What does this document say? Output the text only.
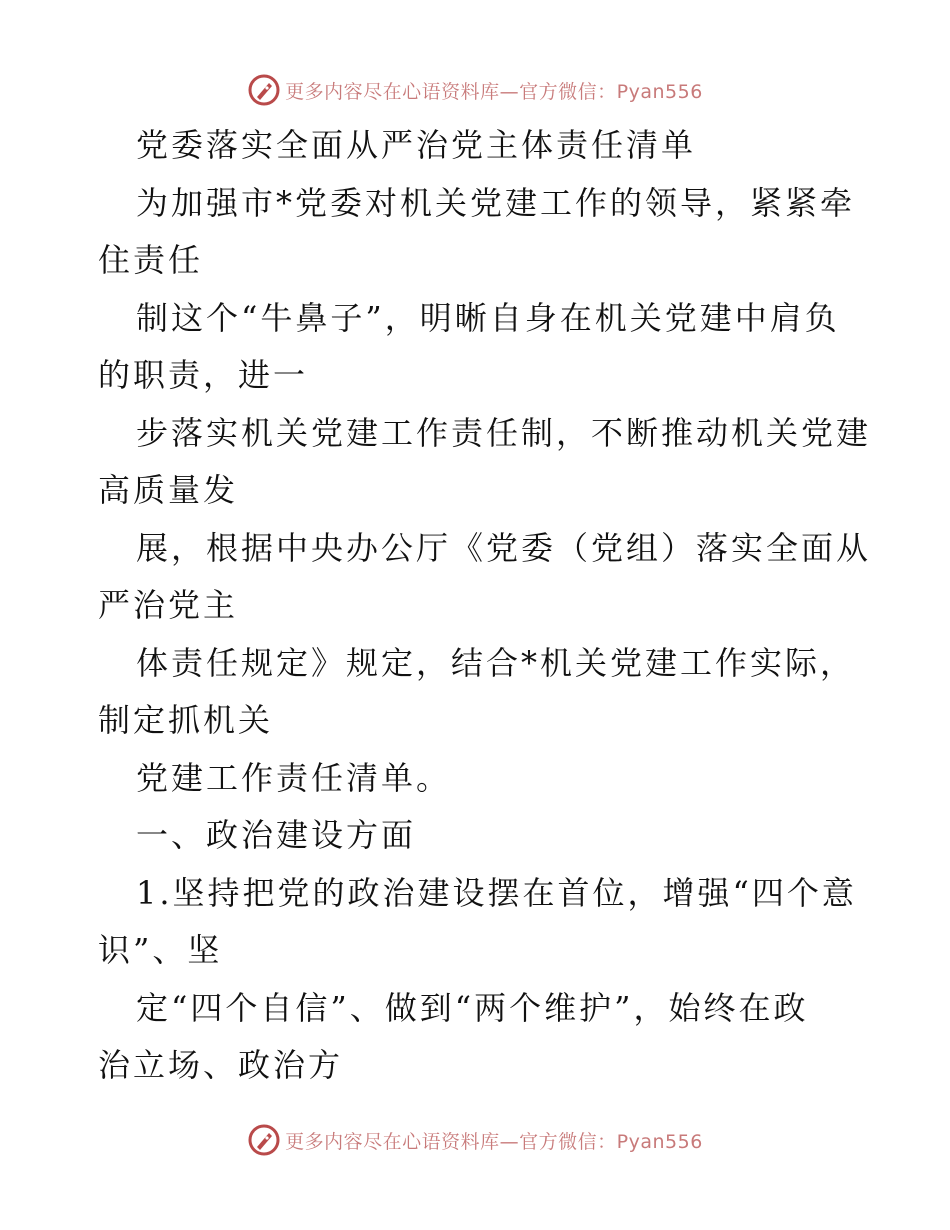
更多内容尽在心语资料库—官方微信：Pyan556
党委落实全面从严治党主体责任清单
为加强市*党委对机关党建工作的领导，紧紧牵
住责任
制这个“牛鼻子”，明晰自身在机关党建中肩负
的职责，进一
步落实机关党建工作责任制，不断推动机关党建
高质量发
展，根据中央办公厅《党委（党组）落实全面从
严治党主
体责任规定》规定，结合*机关党建工作实际，
制定抓机关
党建工作责任清单。
一、政治建设方面
1.坚持把党的政治建设摆在首位，增强“四个意
识”、坚
定“四个自信”、做到“两个维护”，始终在政
治立场、政治方
更多内容尽在心语资料库—官方微信：Pyan556
